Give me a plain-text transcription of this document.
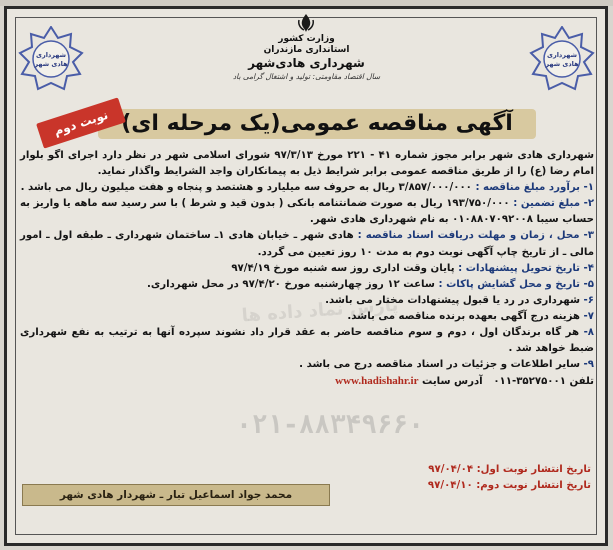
شهرداری
هادی شهر
شهرداری
هادی شهر
وزارت کشور
استانداری مازندران
شهرداری هادی‌شهر
سال اقتصاد مقاومتی: تولید و اشتغال گرامی باد
آگهی مناقصه عمومی(یک مرحله ای)
نوبت دوم
پارس نماد داده ها
۰۲۱-۸۸۳۴۹۶۶۰

شهرداری هادی شهر برابر مجوز شماره ۴۱ - ۲۲۱ مورخ ۹۷/۳/۱۳ شورای اسلامی شهر در نظر دارد اجرای اگو بلوار امام رضا (ع) را از طریق مناقصه عمومی برابر شرایط ذیل به پیمانکاران واجد الشرایط واگذار نماید.

۱- برآورد مبلغ مناقصه : ۳/۸۵۷/۰۰۰/۰۰۰ ریال به حروف سه میلیارد و هشتصد و پنجاه و هفت میلیون ریال می باشد .

۲- مبلغ تضمین : ۱۹۳/۷۵۰/۰۰۰ ریال به صورت ضمانتنامه بانکی ( بدون قید و شرط ) با سر رسید سه ماهه یا واریز به حساب سیبا ۰۱۰۸۸۰۷۰۹۲۰۰۸ به نام شهرداری هادی شهر.

۳- محل ، زمان و مهلت دریافت اسناد مناقصه : هادی شهر ـ خیابان هادی ۱ـ ساختمان شهرداری ـ طبقه اول ـ امور مالی ـ از تاریخ چاپ آگهی نوبت دوم به مدت ۱۰ روز تعیین می گردد.

۴- تاریخ تحویل پیشنهادات : پایان وقت اداری روز سه شنبه مورخ ۹۷/۴/۱۹

۵- تاریخ و محل گشایش پاکات : ساعت ۱۲ روز چهارشنبه مورخ ۹۷/۴/۲۰ در محل شهرداری.

۶- شهرداری در رد یا قبول پیشنهادات مختار می باشد.

۷- هزینه درج آگهی بعهده برنده مناقصه می باشد.

۸- هر گاه برندگان اول ، دوم و سوم مناقصه حاضر به عقد قرار داد نشوند سپرده آنها به ترتیب به نفع شهرداری ضبط خواهد شد .

۹- سایر اطلاعات و جزئیات در اسناد مناقصه درج می باشد .

تلفن ۳۵۲۷۵۰۰۱-۰۱۱   آدرس سایت www.hadishahr.ir

تاریخ انتشار نوبت اول: ۹۷/۰۴/۰۴
تاریخ انتشار نوبت دوم: ۹۷/۰۴/۱۰
محمد جواد اسماعیل تبار ـ شهردار هادی شهر
